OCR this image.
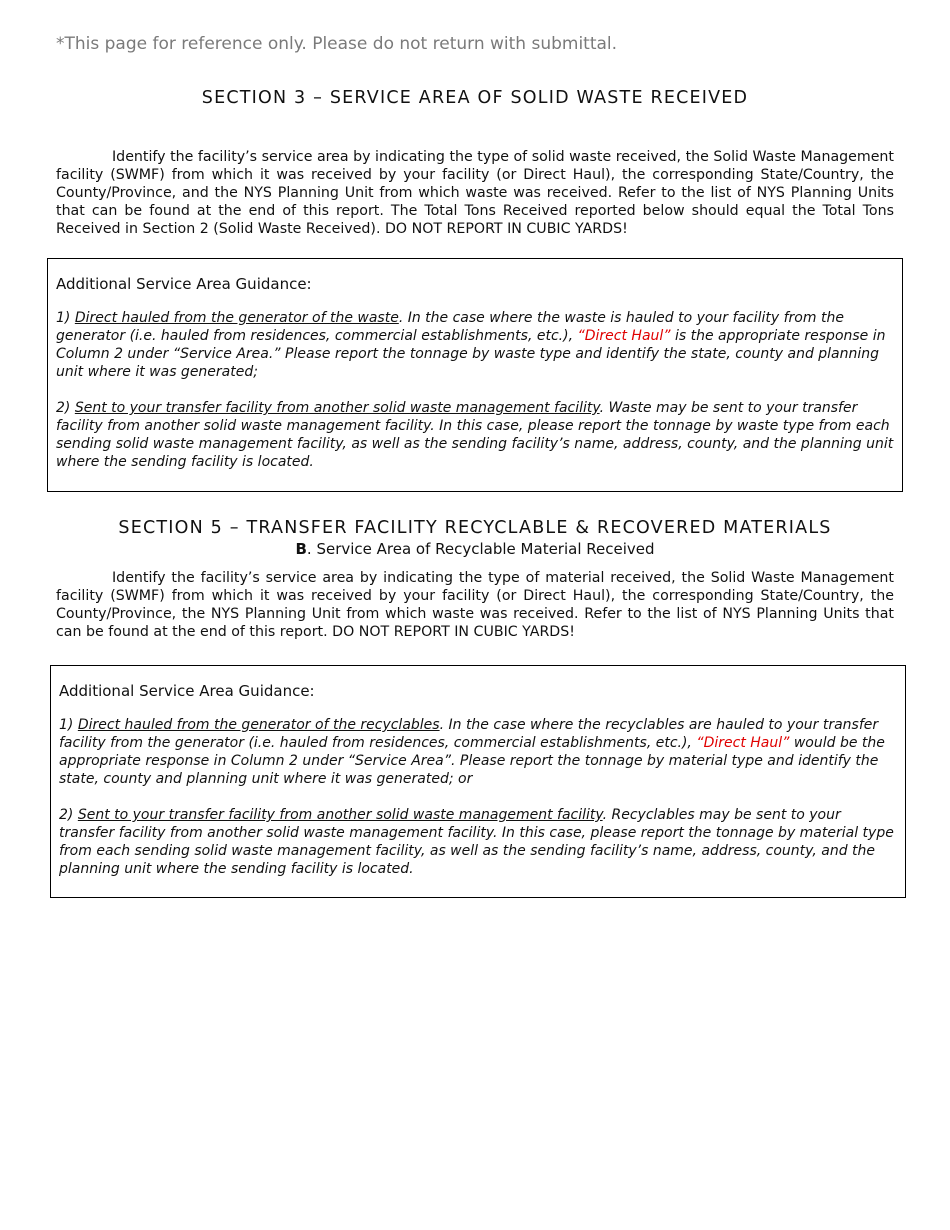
*This page for reference only. Please do not return with submittal.
SECTION 3 – SERVICE AREA OF SOLID WASTE RECEIVED
Identify the facility’s service area by indicating the type of solid waste received, the Solid Waste Management facility (SWMF) from which it was received by your facility (or Direct Haul), the corresponding State/Country, the County/Province, and the NYS Planning Unit from which waste was received. Refer to the list of NYS Planning Units that can be found at the end of this report. The Total Tons Received reported below should equal the Total Tons Received in Section 2 (Solid Waste Received). DO NOT REPORT IN CUBIC YARDS!

Additional Service Area Guidance:

1) Direct hauled from the generator of the waste. In the case where the waste is hauled to your facility from the generator (i.e. hauled from residences, commercial establishments, etc.), “Direct Haul” is the appropriate response in Column 2 under “Service Area.” Please report the tonnage by waste type and identify the state, county and planning unit where it was generated;

2) Sent to your transfer facility from another solid waste management facility. Waste may be sent to your transfer facility from another solid waste management facility. In this case, please report the tonnage by waste type from each sending solid waste management facility, as well as the sending facility’s name, address, county, and the planning unit where the sending facility is located.

SECTION 5 – TRANSFER FACILITY RECYCLABLE & RECOVERED MATERIALS
B. Service Area of Recyclable Material Received
Identify the facility’s service area by indicating the type of material received, the Solid Waste Management facility (SWMF) from which it was received by your facility (or Direct Haul), the corresponding State/Country, the County/Province, the NYS Planning Unit from which waste was received. Refer to the list of NYS Planning Units that can be found at the end of this report. DO NOT REPORT IN CUBIC YARDS!

Additional Service Area Guidance:

1) Direct hauled from the generator of the recyclables. In the case where the recyclables are hauled to your transfer facility from the generator (i.e. hauled from residences, commercial establishments, etc.), “Direct Haul” would be the appropriate response in Column 2 under “Service Area”. Please report the tonnage by material type and identify the state, county and planning unit where it was generated; or

2) Sent to your transfer facility from another solid waste management facility. Recyclables may be sent to your transfer facility from another solid waste management facility. In this case, please report the tonnage by material type from each sending solid waste management facility, as well as the sending facility’s name, address, county, and the planning unit where the sending facility is located.
